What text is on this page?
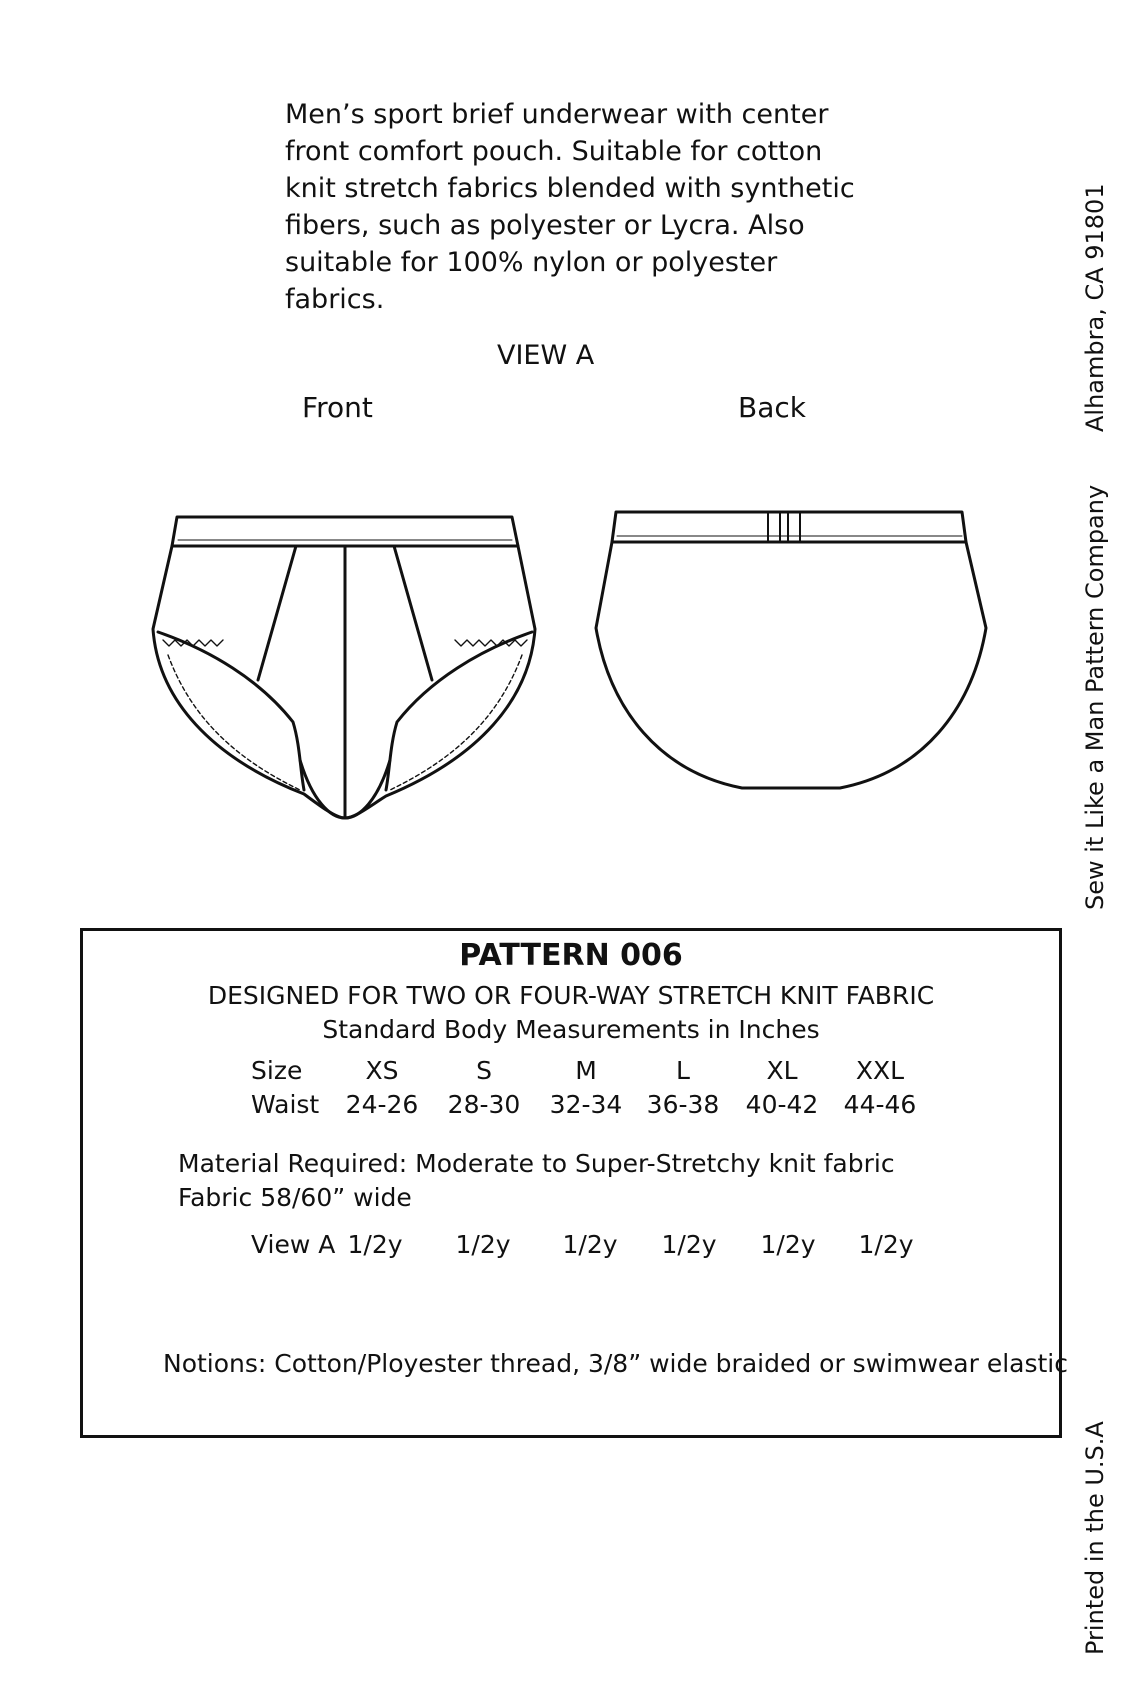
Men’s sport brief underwear with center
front comfort pouch. Suitable for cotton
knit stretch fabrics blended with synthetic
fibers, such as polyester or Lycra. Also
suitable for 100% nylon or polyester
fabrics.
VIEW A
Front	Back	Alhambra, CA 91801
Sew it Like a Man Pattern Company
Printed in the U.S.A
PATTERN 006
DESIGNED FOR TWO OR FOUR-WAY STRETCH KNIT FABRIC
Standard Body Measurements in Inches
Size	XS	S	M	L	XL XXL
Waist 24-26 28-30 32-34 36-38 40-42 44-46
Material Required: Moderate to Super-Stretchy knit fabric
Fabric 58/60” wide
View A 1/2y 1/2y 1/2y 1/2y 1/2y 1/2y
Notions: Cotton/Ployester thread, 3/8” wide braided or swimwear elastic
